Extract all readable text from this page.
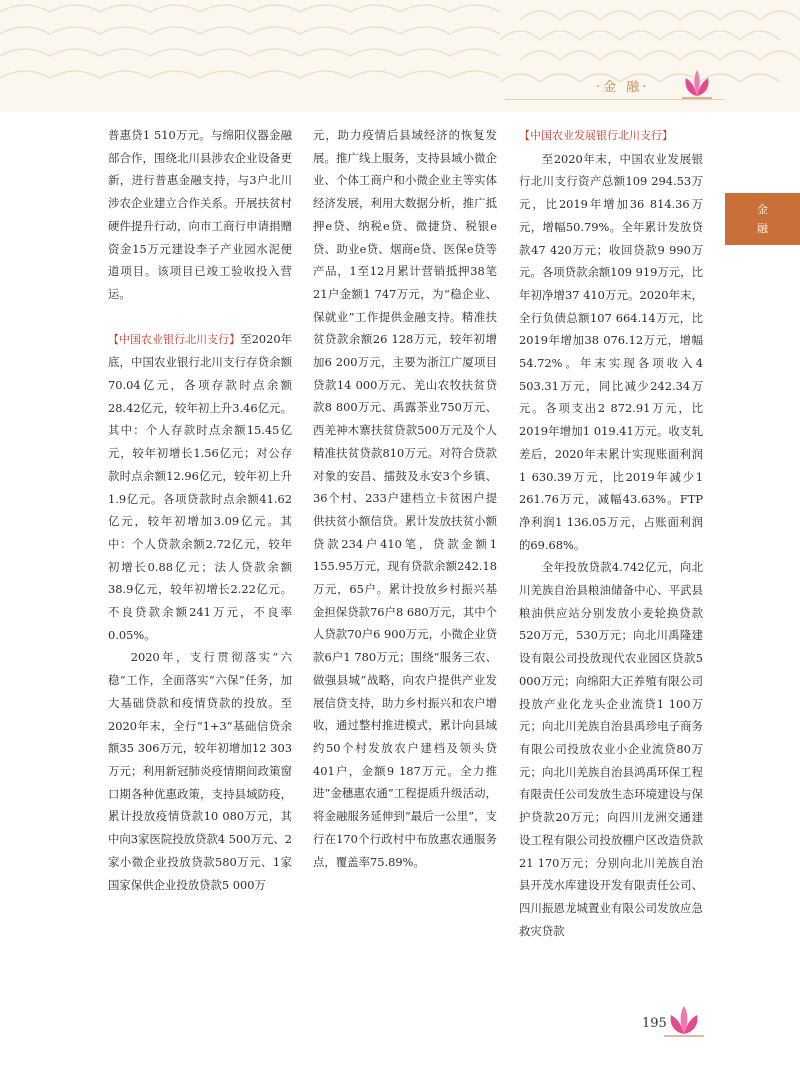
·金 融·
金
融

普惠贷1 510万元。与绵阳仪器金融部合作，围绕北川县涉农企业设备更新，进行普惠金融支持，与3户北川涉农企业建立合作关系。开展扶贫村硬件提升行动，向市工商行申请捐赠资金15万元建设李子产业园水泥便道项目。该项目已竣工验收投入营运。

【中国农业银行北川支行】至2020年底，中国农业银行北川支行存贷余额70.04亿元，各项存款时点余额28.42亿元，较年初上升3.46亿元。其中：个人存款时点余额15.45亿元，较年初增长1.56亿元；对公存款时点余额12.96亿元，较年初上升1.9亿元。各项贷款时点余额41.62亿元，较年初增加3.09亿元。其中：个人贷款余额2.72亿元，较年初增长0.88亿元；法人贷款余额38.9亿元，较年初增长2.22亿元。不良贷款余额241万元，不良率0.05%。

2020年，支行贯彻落实“六稳”工作，全面落实“六保”任务，加大基础贷款和疫情贷款的投放。至2020年末，全行“1+3”基础信贷余额35 306万元，较年初增加12 303万元；利用新冠肺炎疫情期间政策窗口期各种优惠政策，支持县域防疫，累计投放疫情贷款10 080万元，其中向3家医院投放贷款4 500万元、2家小微企业投放贷款580万元、1家国家保供企业投放贷款5 000万

元，助力疫情后县域经济的恢复发展。推广线上服务，支持县域小微企业、个体工商户和小微企业主等实体经济发展，利用大数据分析，推广抵押e贷、纳税e贷、微捷贷、税银e贷、助业e贷、烟商e贷、医保e贷等产品，1至12月累计营销抵押38笔21户金额1 747万元，为“稳企业、保就业”工作提供金融支持。精准扶贫贷款余额26 128万元，较年初增加6 200万元，主要为浙江广厦项目贷款14 000万元、羌山农牧扶贫贷款8 800万元、禹露茶业750万元、西羌神木寨扶贫贷款500万元及个人精准扶贫贷款810万元。对符合贷款对象的安昌、擂鼓及永安3个乡镇、36个村、233户建档立卡贫困户提供扶贫小额信贷。累计发放扶贫小额贷款234户410笔，贷款金额1 155.95万元，现有贷款余额242.18万元，65户。累计投放乡村振兴基金担保贷款76户8 680万元，其中个人贷款70户6 900万元，小微企业贷款6户1 780万元；围绕“服务三农、做强县城”战略，向农户提供产业发展信贷支持，助力乡村振兴和农户增收，通过整村推进模式，累计向县域约50个村发放农户建档及领头贷401户，金额9 187万元。全力推进“金穗惠农通”工程提质升级活动，将金融服务延伸到“最后一公里”，支行在170个行政村中布放惠农通服务点，覆盖率75.89%。

【中国农业发展银行北川支行】

至2020年末，中国农业发展银行北川支行资产总额109 294.53万元，比2019年增加36 814.36万元，增幅50.79%。全年累计发放贷款47 420万元；收回贷款9 990万元。各项贷款余额109 919万元，比年初净增37 410万元。2020年末，全行负债总额107 664.14万元，比2019年增加38 076.12万元，增幅54.72%。年末实现各项收入4 503.31万元，同比减少242.34万元。各项支出2 872.91万元，比2019年增加1 019.41万元。收支轧差后，2020年末累计实现账面利润1 630.39万元，比2019年减少1 261.76万元，减幅43.63%。FTP净利润1 136.05万元，占账面利润的69.68%。

全年投放贷款4.742亿元，向北川羌族自治县粮油储备中心、平武县粮油供应站分别发放小麦轮换贷款520万元，530万元；向北川禹隆建设有限公司投放现代农业园区贷款5 000万元；向绵阳大正养殖有限公司投放产业化龙头企业流贷1 100万元；向北川羌族自治县禹珍电子商务有限公司投放农业小企业流贷80万元；向北川羌族自治县鸿禹环保工程有限责任公司发放生态环境建设与保护贷款20万元；向四川龙洲交通建设工程有限公司投放棚户区改造贷款21 170万元；分别向北川羌族自治县开茂水库建设开发有限责任公司、四川振恩龙城置业有限公司发放应急救灾贷款

195
